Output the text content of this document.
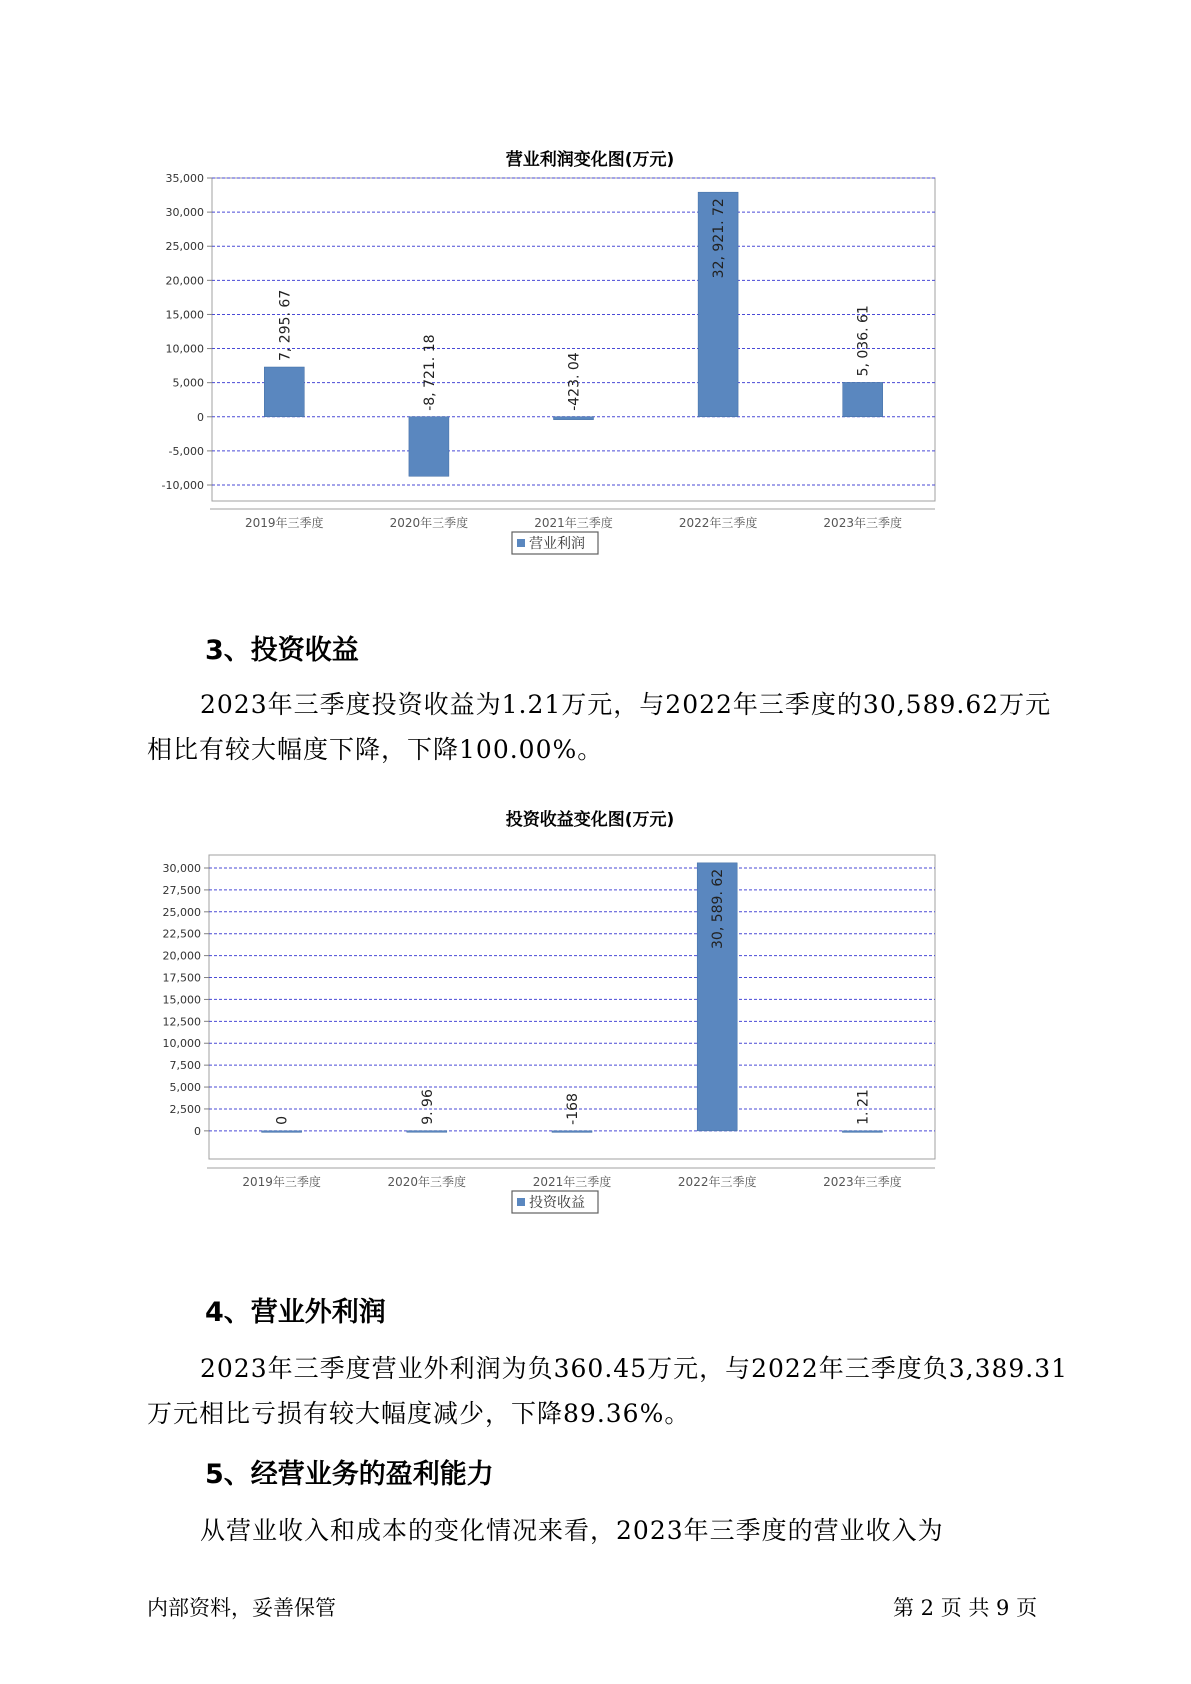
营业利润变化图(万元)
35,000
30,000
25,000
20,000
15,000
10,000
5,000
0
-5,000
-10,000
7, 295. 67
2019年三季度
-8, 721. 18
2020年三季度
-423. 04
2021年三季度
32, 921. 72
2022年三季度
5, 036. 61
2023年三季度
营业利润
3、投资收益

2023年三季度投资收益为1.21万元，与2022年三季度的30,589.62万元

相比有较大幅度下降，下降100.00%。

投资收益变化图(万元)
30,000
27,500
25,000
22,500
20,000
17,500
15,000
12,500
10,000
7,500
5,000
2,500
0
0
2019年三季度
9. 96
2020年三季度
-168
2021年三季度
30, 589. 62
2022年三季度
1. 21
2023年三季度
投资收益
4、营业外利润

2023年三季度营业外利润为负360.45万元，与2022年三季度负3,389.31

万元相比亏损有较大幅度减少，下降89.36%。

5、经营业务的盈利能力

从营业收入和成本的变化情况来看，2023年三季度的营业收入为

内部资料，妥善保管	第 2 页 共 9 页
